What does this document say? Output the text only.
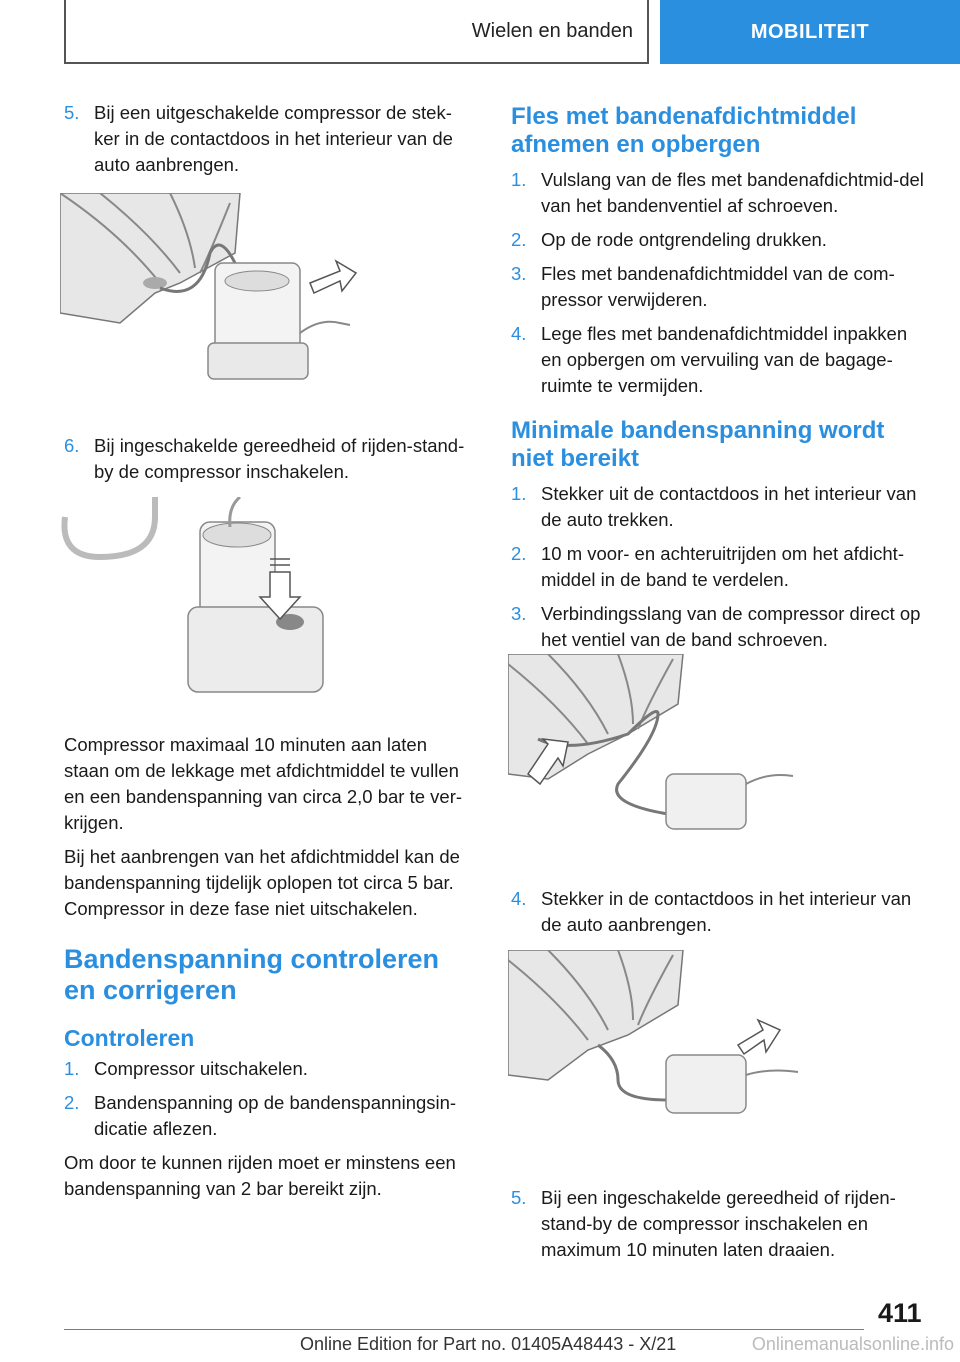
Wielen en banden	MOBILITEIT
5. Bij een uitgeschakelde compressor de stek-ker in de contactdoos in het interieur van de auto aanbrengen.
6. Bij ingeschakelde gereedheid of rijden-stand-by de compressor inschakelen.

Compressor maximaal 10 minuten aan laten staan om de lekkage met afdichtmiddel te vullen en een bandenspanning van circa 2,0 bar te ver-krijgen.

Bij het aanbrengen van het afdichtmiddel kan de bandenspanning tijdelijk oplopen tot circa 5 bar. Compressor in deze fase niet uitschakelen.

Bandenspanning controleren en corrigeren
Controleren
1. Compressor uitschakelen.
2. Bandenspanning op de bandenspanningsin-dicatie aflezen.

Om door te kunnen rijden moet er minstens een bandenspanning van 2 bar bereikt zijn.

Fles met bandenafdichtmiddel afnemen en opbergen
1. Vulslang van de fles met bandenafdichtmid-del van het bandenventiel af schroeven.
2. Op de rode ontgrendeling drukken.
3. Fles met bandenafdichtmiddel van de com-pressor verwijderen.
4. Lege fles met bandenafdichtmiddel inpakken en opbergen om vervuiling van de bagage-ruimte te vermijden.
Minimale bandenspanning wordt niet bereikt
1. Stekker uit de contactdoos in het interieur van de auto trekken.
2. 10 m voor- en achteruitrijden om het afdicht-middel in de band te verdelen.
3. Verbindingsslang van de compressor direct op het ventiel van de band schroeven.
4. Stekker in de contactdoos in het interieur van de auto aanbrengen.
5. Bij een ingeschakelde gereedheid of rijden-stand-by de compressor inschakelen en maximum 10 minuten laten draaien.
411
Online Edition for Part no. 01405A48443 - X/21	Onlinemanualsonline.info
